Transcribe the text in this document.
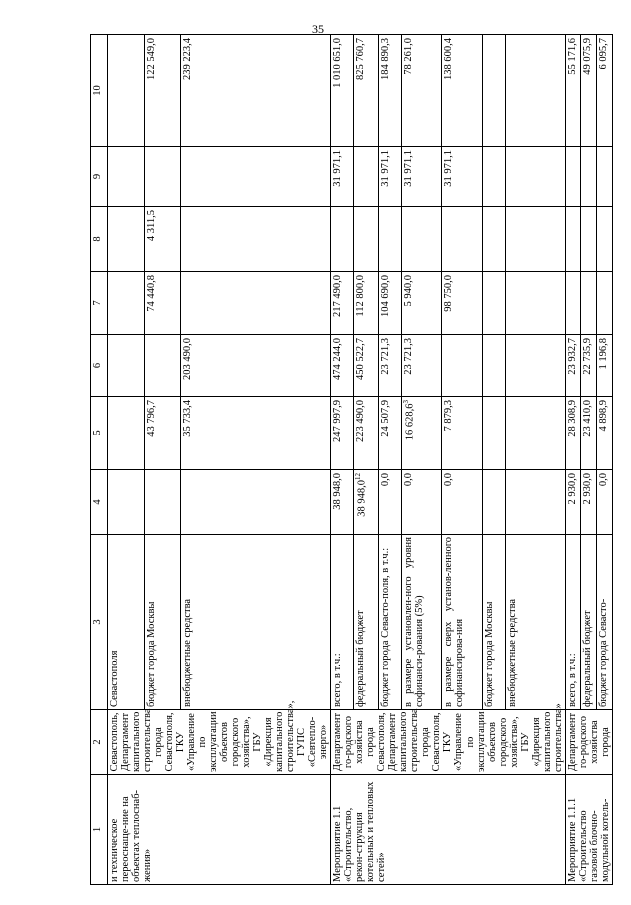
35
1	2	3	4	5	6	7	8	9	10
и техническое переоснаще-ние на объектах теплоснаб-жения»	Севастополь, Департамент капитального строительства города Севастополя, ГКУ «Управление по эксплуатации объектов городского хозяйства», ГБУ «Дирекция капитального строительства», ГУПС «Севтепло-энерго»	Севастополя							
		бюджет города Москвы		43 796,7		74 440,8	4 311,5		122 549,0
		внебюджетные средства		35 733,4	203 490,0				239 223,4
Мероприятие 1.1 «Строительство, рекон-струкция котельных и тепловых сетей»	Департамент го-родского хозяйства города Севастополя, Департамент капитального строительства города Севастополя, ГКУ «Управление по эксплуатации объектов городского хозяйства», ГБУ «Дирекция капитального строительства»	всего, в т.ч.:	38 948,0	247 997,9	474 244,0	217 490,0		31 971,1	1 010 651,0
		федеральный бюджет	38 948,0$^{12}$	223 490,0	450 522,7	112 800,0			825 760,7
		бюджет города Севасто-поля, в т.ч.:	0,0	24 507,9	23 721,3	104 690,0		31 971,1	184 890,3
		в размере установлен-ного уровня софинанси-рования (5%)	0,0	16 628,6$^3$	23 721,3	5 940,0		31 971,1	78 261,0
		в размере сверх установ-ленного софинансирова-ния	0,0	7 879,3		98 750,0		31 971,1	138 600,4
		бюджет города Москвы							
		внебюджетные средства							
Мероприятие 1.1.1 «Строительство газовой блочно-модульной котель-	Департамент го-родского хозяйства города	всего, в т.ч.:	2 930,0	28 308,9	23 932,7				55 171,6
		федеральный бюджет	2 930,0	23 410,0	22 735,9				49 075,9
		бюджет города Севасто-	0,0	4 898,9	1 196,8				6 095,7
